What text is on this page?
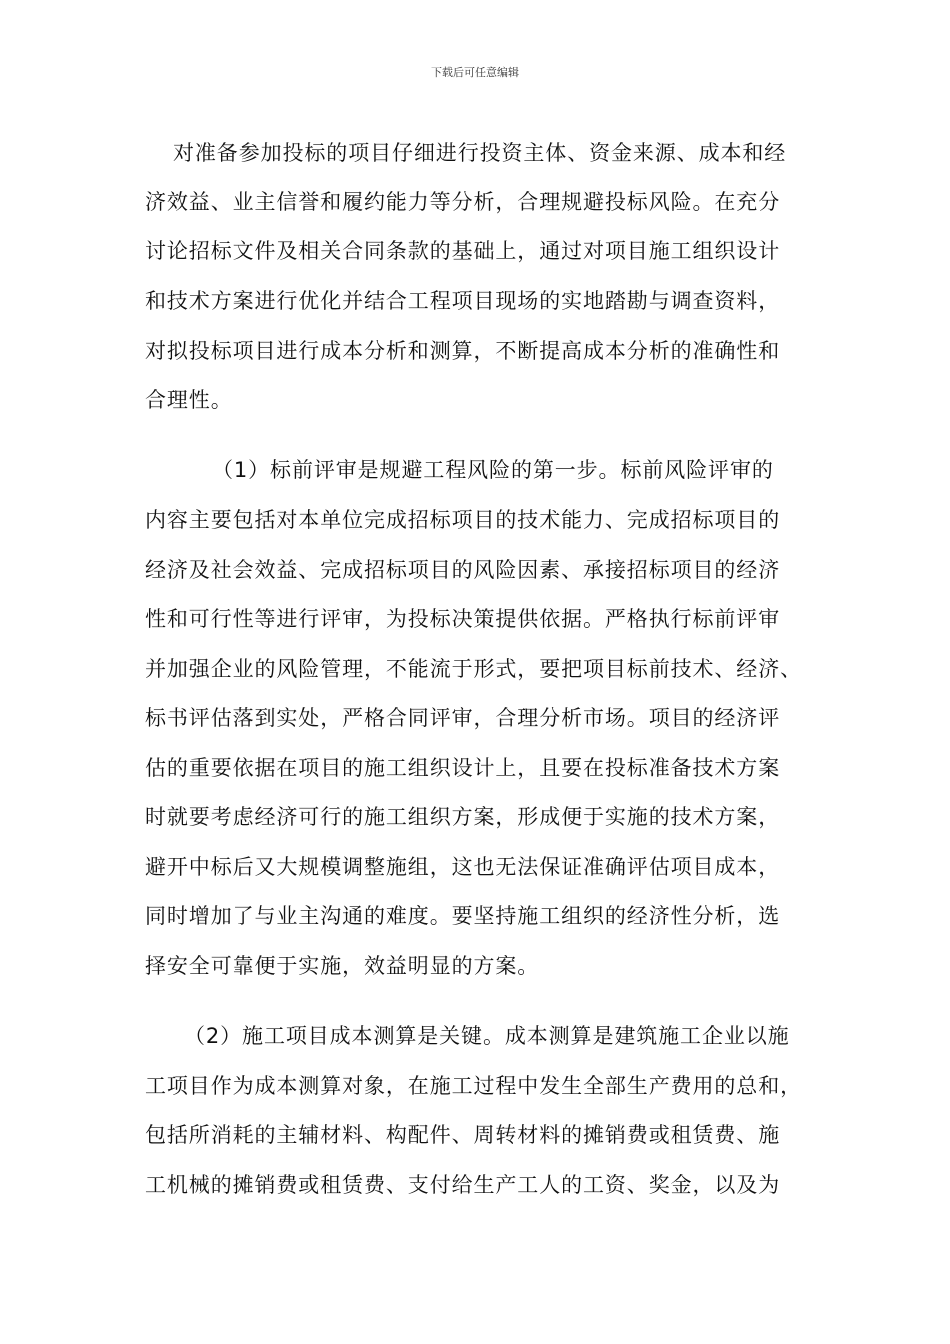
下载后可任意编辑
对准备参加投标的项目仔细进行投资主体、资金来源、成本和经
济效益、业主信誉和履约能力等分析，合理规避投标风险。在充分
讨论招标文件及相关合同条款的基础上，通过对项目施工组织设计
和技术方案进行优化并结合工程项目现场的实地踏勘与调查资料，
对拟投标项目进行成本分析和测算，不断提高成本分析的准确性和
合理性。
（1）标前评审是规避工程风险的第一步。标前风险评审的
内容主要包括对本单位完成招标项目的技术能力、完成招标项目的
经济及社会效益、完成招标项目的风险因素、承接招标项目的经济
性和可行性等进行评审，为投标决策提供依据。严格执行标前评审
并加强企业的风险管理，不能流于形式，要把项目标前技术、经济、
标书评估落到实处，严格合同评审，合理分析市场。项目的经济评
估的重要依据在项目的施工组织设计上，且要在投标准备技术方案
时就要考虑经济可行的施工组织方案，形成便于实施的技术方案，
避开中标后又大规模调整施组，这也无法保证准确评估项目成本，
同时增加了与业主沟通的难度。要坚持施工组织的经济性分析，选
择安全可靠便于实施，效益明显的方案。
（2）施工项目成本测算是关键。成本测算是建筑施工企业以施
工项目作为成本测算对象，在施工过程中发生全部生产费用的总和，
包括所消耗的主辅材料、构配件、周转材料的摊销费或租赁费、施
工机械的摊销费或租赁费、支付给生产工人的工资、奖金，以及为
